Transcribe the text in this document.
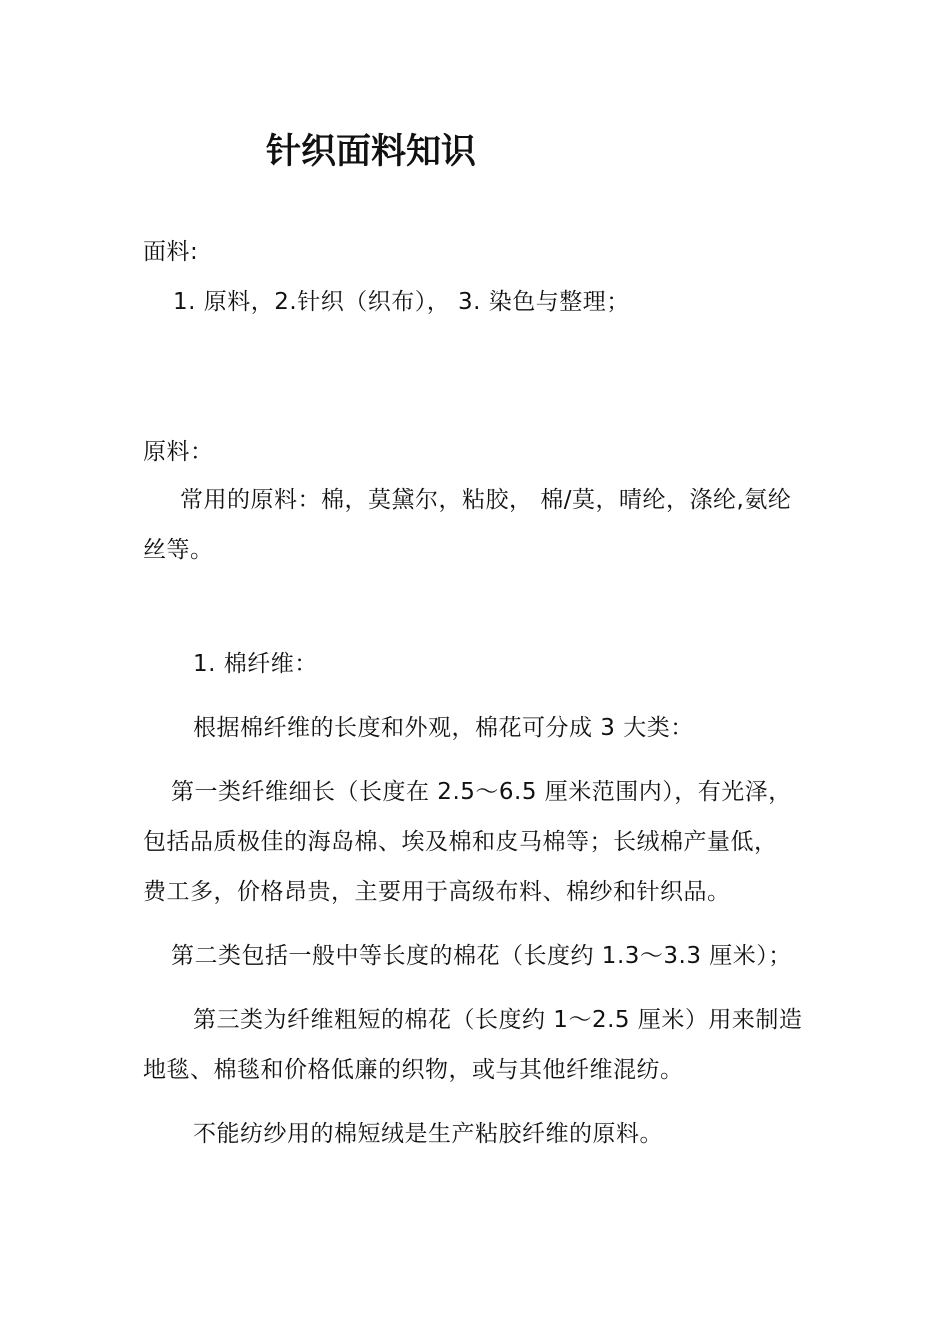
针织面料知识
面料:
1. 原料，2.针织（织布）， 3. 染色与整理；
原料：
常用的原料：棉，莫黛尔，粘胶， 棉/莫，晴纶，涤纶,氨纶
丝等。
1. 棉纤维：
根据棉纤维的长度和外观，棉花可分成 3 大类：
第一类纤维细长（长度在 2.5～6.5 厘米范围内），有光泽，
包括品质极佳的海岛棉、埃及棉和皮马棉等；长绒棉产量低，
费工多，价格昂贵，主要用于高级布料、棉纱和针织品。
第二类包括一般中等长度的棉花（长度约 1.3～3.3 厘米）；
第三类为纤维粗短的棉花（长度约 1～2.5 厘米）用来制造
地毯、棉毯和价格低廉的织物，或与其他纤维混纺。
不能纺纱用的棉短绒是生产粘胶纤维的原料。
